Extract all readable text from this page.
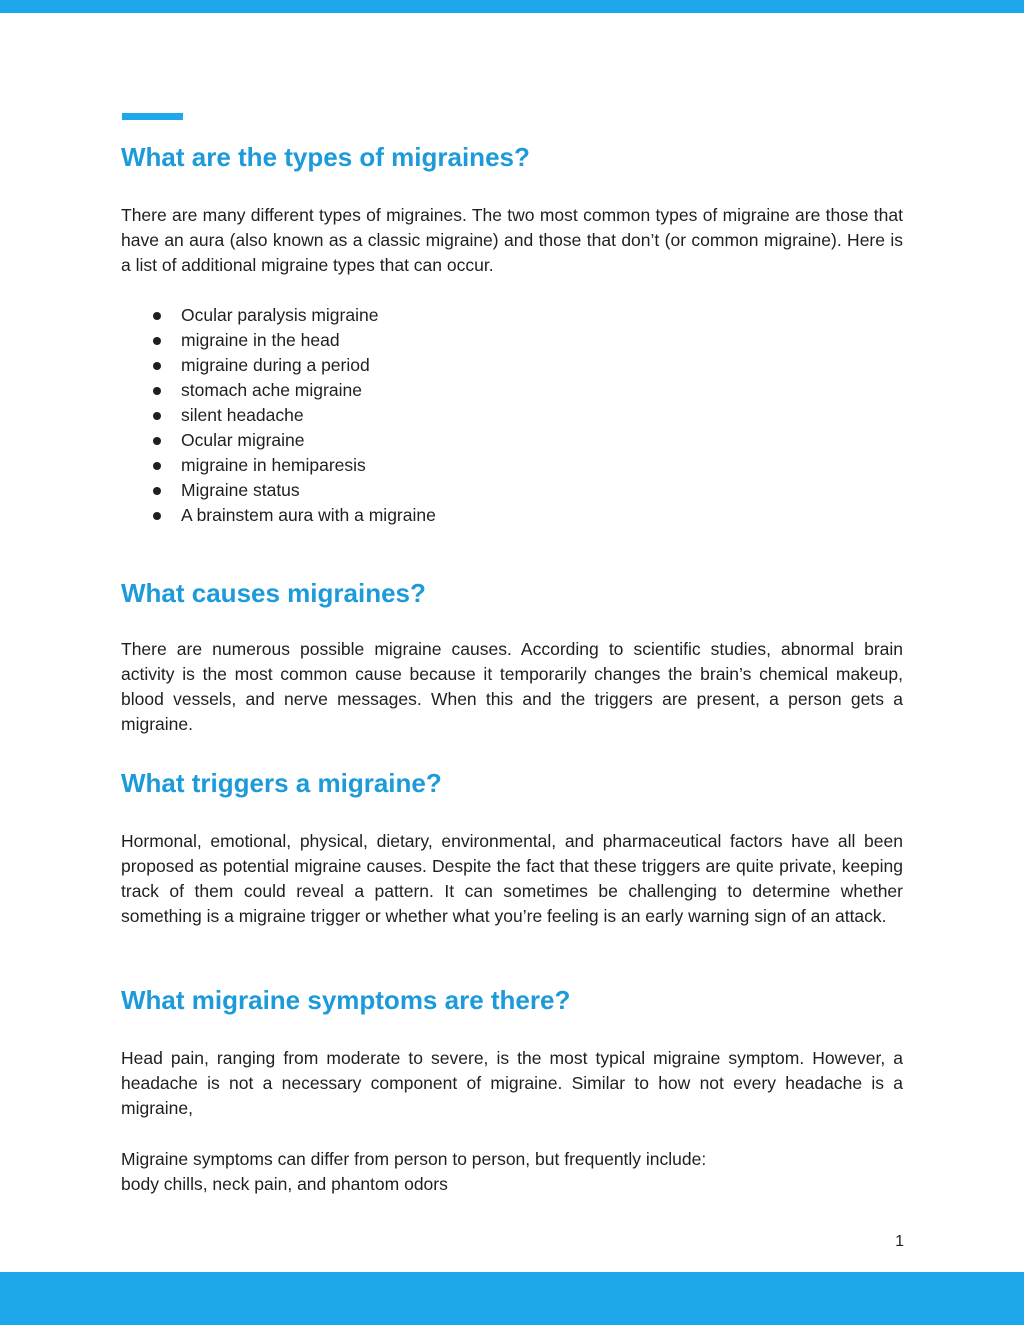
What are the types of migraines?

There are many different types of migraines. The two most common types of migraine are those that have an aura (also known as a classic migraine) and those that don’t (or common migraine). Here is a list of additional migraine types that can occur.

Ocular paralysis migraine
migraine in the head
migraine during a period
stomach ache migraine
silent headache
Ocular migraine
migraine in hemiparesis
Migraine status
A brainstem aura with a migraine
What causes migraines?

There are numerous possible migraine causes. According to scientific studies, abnormal brain activity is the most common cause because it temporarily changes the brain’s chemical makeup, blood vessels, and nerve messages. When this and the triggers are present, a person gets a migraine.

What triggers a migraine?

Hormonal, emotional, physical, dietary, environmental, and pharmaceutical factors have all been proposed as potential migraine causes. Despite the fact that these triggers are quite private, keeping track of them could reveal a pattern. It can sometimes be challenging to determine whether something is a migraine trigger or whether what you’re feeling is an early warning sign of an attack.

What migraine symptoms are there?

Head pain, ranging from moderate to severe, is the most typical migraine symptom. However, a headache is not a necessary component of migraine. Similar to how not every headache is a migraine,

Migraine symptoms can differ from person to person, but frequently include:

body chills, neck pain, and phantom odors

1
